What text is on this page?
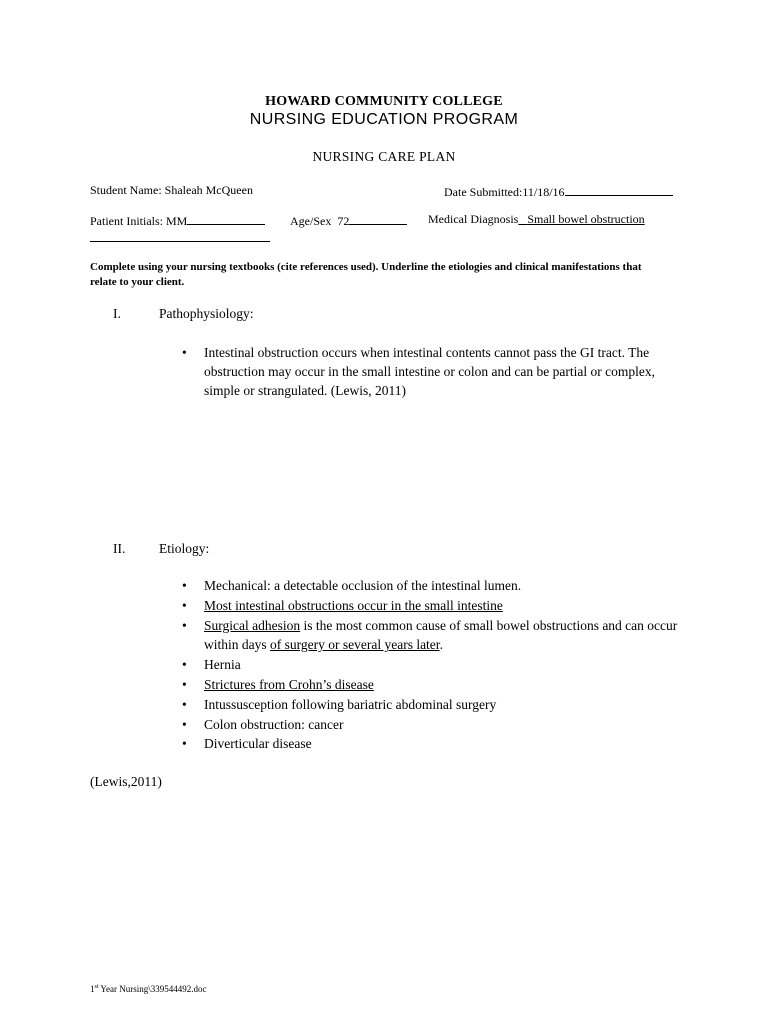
HOWARD COMMUNITY COLLEGE
NURSING EDUCATION PROGRAM
NURSING CARE PLAN
Student Name: Shaleah McQueen	Date Submitted:11/18/16
Patient Initials: MM	Age/Sex 72	Medical Diagnosis Small bowel obstruction
Complete using your nursing textbooks (cite references used). Underline the etiologies and clinical manifestations that relate to your client.
I.	Pathophysiology:
• Intestinal obstruction occurs when intestinal contents cannot pass the GI tract. The obstruction may occur in the small intestine or colon and can be partial or complex, simple or strangulated. (Lewis, 2011)
II. Etiology:
• Mechanical: a detectable occlusion of the intestinal lumen.
• Most intestinal obstructions occur in the small intestine
• Surgical adhesion is the most common cause of small bowel obstructions and can occur within days of surgery or several years later.
• Hernia
• Strictures from Crohn’s disease
• Intussusception following bariatric abdominal surgery
• Colon obstruction: cancer
• Diverticular disease
(Lewis,2011)
1st Year Nursing\339544492.doc
